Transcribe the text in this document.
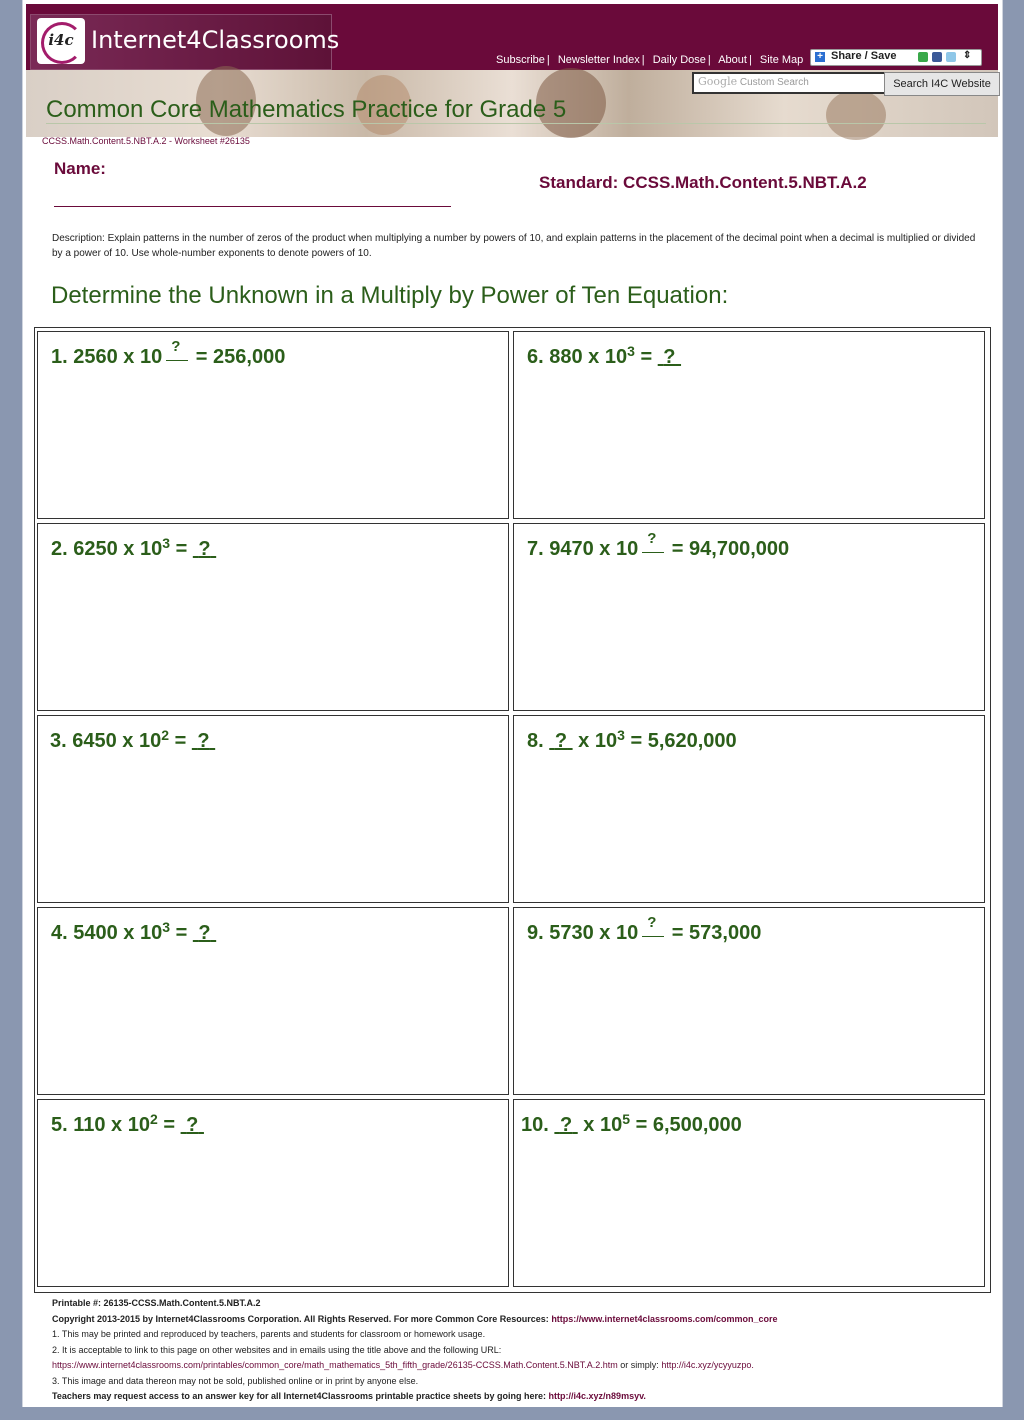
i4c Internet4Classrooms
Subscribe | Newsletter Index | Daily Dose | About | Site Map + Share / Save	⇕
Google Custom Search	Search I4C Website
Common Core Mathematics Practice for Grade 5
CCSS.Math.Content.5.NBT.A.2 - Worksheet #26135
Name:
Standard: CCSS.Math.Content.5.NBT.A.2
Description: Explain patterns in the number of zeros of the product when multiplying a number by powers of 10, and explain patterns in the placement of the decimal point when a decimal is multiplied or divided by a power of 10. Use whole-number exponents to denote powers of 10.
Determine the Unknown in a Multiply by Power of Ten Equation:
1. 2560 x 10 ? = 256,000
2. 6250 x $10^3$ = ?
3. 6450 x $10^2$ = ?
4. 5400 x $10^3$ = ?
5. 110 x $10^2$ = ?
6. 880 x $10^3$ = ?
7. 9470 x 10 ? = 94,700,000
8. ? x $10^3 = 5,620,000$
9. 5730 x 10 ? = 573,000
10. ? x $10^5 = 6,500,000$
Printable #: 26135-CCSS.Math.Content.5.NBT.A.2
Copyright 2013-2015 by Internet4Classrooms Corporation. All Rights Reserved. For more Common Core Resources: https://www.internet4classrooms.com/common_core
1. This may be printed and reproduced by teachers, parents and students for classroom or homework usage.
2. It is acceptable to link to this page on other websites and in emails using the title above and the following URL:
https://www.internet4classrooms.com/printables/common_core/math_mathematics_5th_fifth_grade/26135-CCSS.Math.Content.5.NBT.A.2.htm or simply: http://i4c.xyz/ycyyuzpo.
3. This image and data thereon may not be sold, published online or in print by anyone else.
Teachers may request access to an answer key for all Internet4Classrooms printable practice sheets by going here: http://i4c.xyz/n89msyv.
